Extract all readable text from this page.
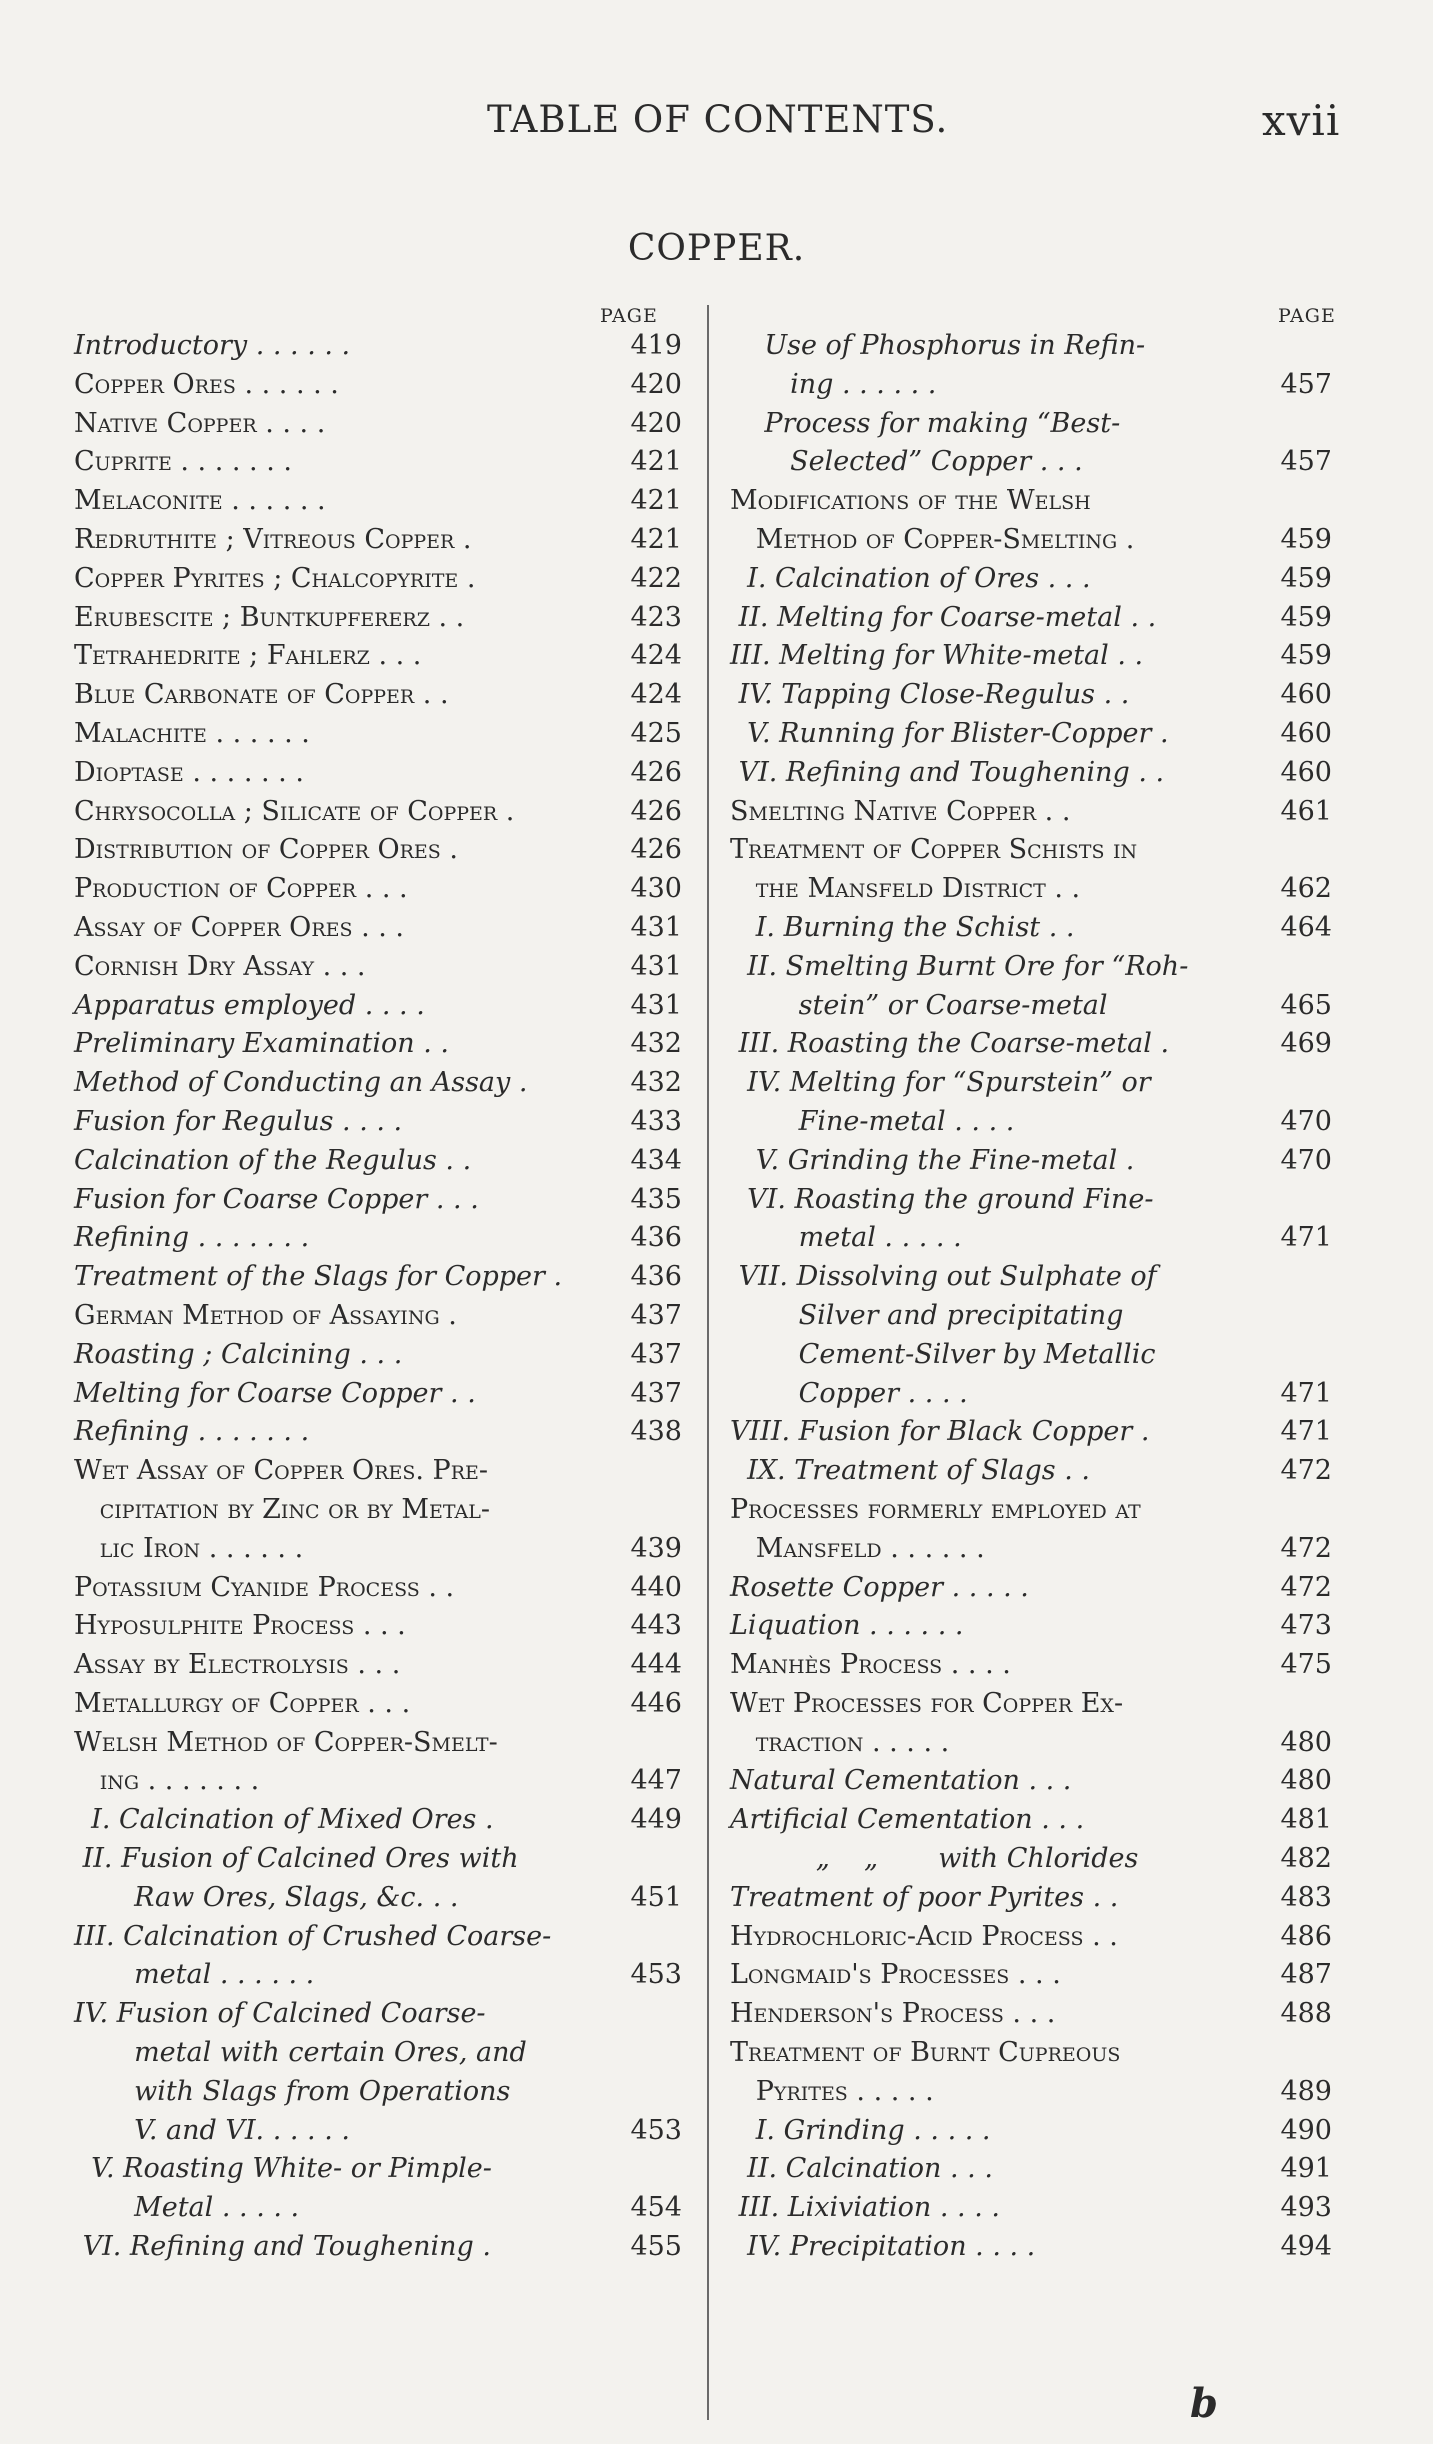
TABLE OF CONTENTS.	xvii
COPPER.
PAGE
Introductory . . . . . .	419
Copper Ores . . . . . .	420
Native Copper . . . .	420
Cuprite . . . . . . .	421
Melaconite . . . . . .	421
Redruthite ; Vitreous Copper .	421
Copper Pyrites ; Chalcopyrite .	422
Erubescite ; Buntkupfererz . .	423
Tetrahedrite ; Fahlerz . . .	424
Blue Carbonate of Copper . .	424
Malachite . . . . . .	425
Dioptase . . . . . . .	426
Chrysocolla ; Silicate of Copper .	426
Distribution of Copper Ores .	426
Production of Copper . . .	430
Assay of Copper Ores . . .	431
Cornish Dry Assay . . .	431
Apparatus employed . . . .	431
Preliminary Examination . .	432
Method of Conducting an Assay .	432
Fusion for Regulus . . . .	433
Calcination of the Regulus . .	434
Fusion for Coarse Copper . . .	435
Refining . . . . . . .	436
Treatment of the Slags for Copper .	436
German Method of Assaying .	437
Roasting ; Calcining . . .	437
Melting for Coarse Copper . .	437
Refining . . . . . . .	438
Wet Assay of Copper Ores. Pre-
cipitation by Zinc or by Metal-
lic Iron . . . . . .	439
Potassium Cyanide Process . .	440
Hyposulphite Process . . .	443
Assay by Electrolysis . . .	444
Metallurgy of Copper . . .	446
Welsh Method of Copper-Smelt-
ing . . . . . . .	447
I. Calcination of Mixed Ores .	449
II. Fusion of Calcined Ores with
Raw Ores, Slags, &c. . .	451
III. Calcination of Crushed Coarse-
metal . . . . . .	453
IV. Fusion of Calcined Coarse-
metal with certain Ores, and
with Slags from Operations
V. and VI. . . . . .	453
V. Roasting White- or Pimple-
Metal . . . . .	454
VI. Refining and Toughening .	455
PAGE
Use of Phosphorus in Refin-
ing . . . . . .	457
Process for making “Best-
Selected” Copper . . .	457
Modifications of the Welsh
Method of Copper-Smelting .	459
I. Calcination of Ores . . .	459
II. Melting for Coarse-metal . .	459
III. Melting for White-metal . .	459
IV. Tapping Close-Regulus . .	460
V. Running for Blister-Copper .	460
VI. Refining and Toughening . .	460
Smelting Native Copper . .	461
Treatment of Copper Schists in
the Mansfeld District . .	462
I. Burning the Schist . .	464
II. Smelting Burnt Ore for “Roh-
stein” or Coarse-metal	465
III. Roasting the Coarse-metal .	469
IV. Melting for “Spurstein” or
Fine-metal . . . .	470
V. Grinding the Fine-metal .	470
VI. Roasting the ground Fine-
metal . . . . .	471
VII. Dissolving out Sulphate of
Silver and precipitating
Cement-Silver by Metallic
Copper . . . .	471
VIII. Fusion for Black Copper .	471
IX. Treatment of Slags . .	472
Processes formerly employed at
Mansfeld . . . . . .	472
Rosette Copper . . . . .	472
Liquation . . . . . .	473
Manhès Process . . . .	475
Wet Processes for Copper Ex-
traction . . . . .	480
Natural Cementation . . .	480
Artificial Cementation . . .	481
„    „       with Chlorides	482
Treatment of poor Pyrites . .	483
Hydrochloric-Acid Process . .	486
Longmaid's Processes . . .	487
Henderson's Process . . .	488
Treatment of Burnt Cupreous
Pyrites . . . . .	489
I. Grinding . . . . .	490
II. Calcination . . .	491
III. Lixiviation . . . .	493
IV. Precipitation . . . .	494
b
